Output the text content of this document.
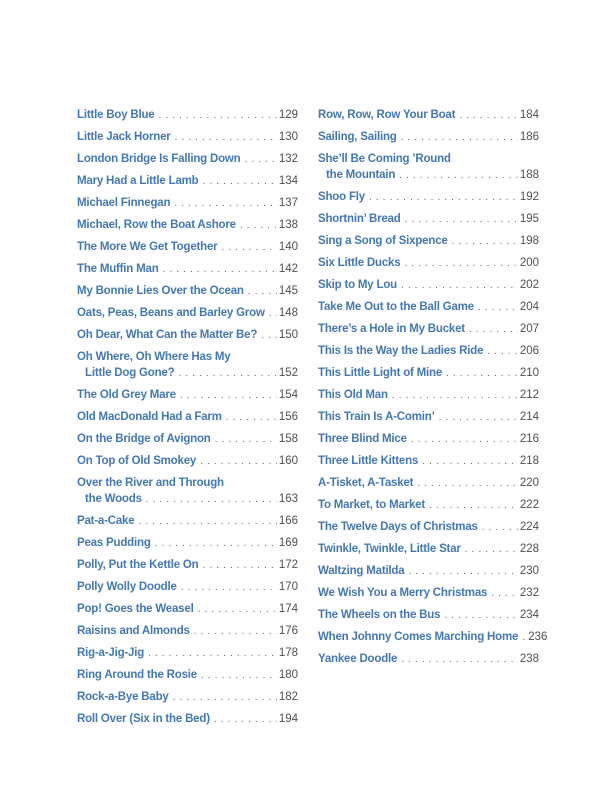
Little Boy Blue . . .	129
Little Jack Horner . . .	130
London Bridge Is Falling Down . . .	132
Mary Had a Little Lamb . . .	134
Michael Finnegan . . .	137
Michael, Row the Boat Ashore . . .	138
The More We Get Together . . .	140
The Muffin Man . . .	142
My Bonnie Lies Over the Ocean . . .	145
Oats, Peas, Beans and Barley Grow . . . 148
Oh Dear, What Can the Matter Be? . . . 150
Oh Where, Oh Where Has My
Little Dog Gone? . . .	152
The Old Grey Mare . . .	154
Old MacDonald Had a Farm . . .	156
On the Bridge of Avignon . . .	158
On Top of Old Smokey . . .	160
Over the River and Through
the Woods . . .	163
Pat-a-Cake . . .	166
Peas Pudding . . .	169
Polly, Put the Kettle On . . .	172
Polly Wolly Doodle . . .	170
Pop! Goes the Weasel . . .	174
Raisins and Almonds . . .	176
Rig-a-Jig-Jig . . .	178
Ring Around the Rosie . . .	180
Rock-a-Bye Baby . . .	182
Roll Over (Six in the Bed) . . .	194
Row, Row, Row Your Boat . . .	184
Sailing, Sailing . . .	186
She’ll Be Coming ’Round
the Mountain . . .	188
Shoo Fly . . .	192
Shortnin’ Bread . . .	195
Sing a Song of Sixpence . . .	198
Six Little Ducks . . .	200
Skip to My Lou . . .	202
Take Me Out to the Ball Game . . .	204
There’s a Hole in My Bucket . . .	207
This Is the Way the Ladies Ride . . .	206
This Little Light of Mine . . .	210
This Old Man . . .	212
This Train Is A-Comin’ . . .	214
Three Blind Mice . . .	216
Three Little Kittens . . .	218
A-Tisket, A-Tasket . . .	220
To Market, to Market . . .	222
The Twelve Days of Christmas . . .	224
Twinkle, Twinkle, Little Star . . .	228
Waltzing Matilda . . .	230
We Wish You a Merry Christmas . . .	232
The Wheels on the Bus . . .	234
When Johnny Comes Marching Home . . . 236
Yankee Doodle . . .	238
